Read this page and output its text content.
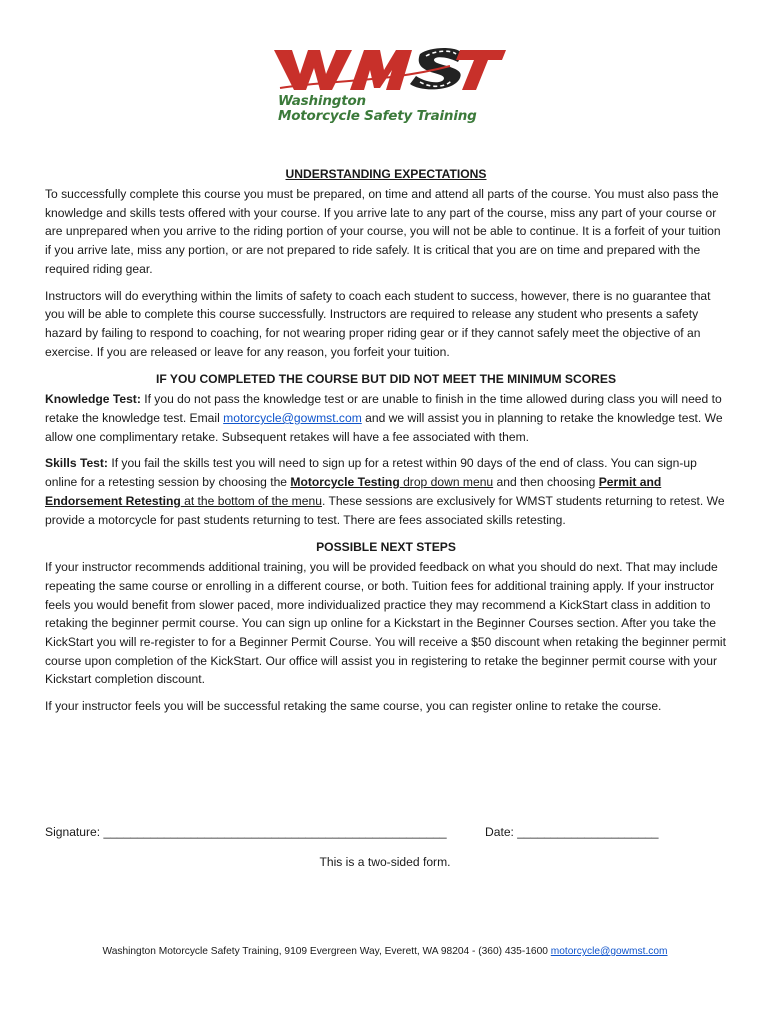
Washington
Motorcycle Safety Training
UNDERSTANDING EXPECTATIONS

To successfully complete this course you must be prepared, on time and attend all parts of the course. You must also pass the knowledge and skills tests offered with your course. If you arrive late to any part of the course, miss any part of your course or are unprepared when you arrive to the riding portion of your course, you will not be able to continue. It is a forfeit of your tuition if you arrive late, miss any portion, or are not prepared to ride safely. It is critical that you are on time and prepared with the required riding gear.

Instructors will do everything within the limits of safety to coach each student to success, however, there is no guarantee that you will be able to complete this course successfully. Instructors are required to release any student who presents a safety hazard by failing to respond to coaching, for not wearing proper riding gear or if they cannot safely meet the objective of an exercise. If you are released or leave for any reason, you forfeit your tuition.

IF YOU COMPLETED THE COURSE BUT DID NOT MEET THE MINIMUM SCORES

Knowledge Test: If you do not pass the knowledge test or are unable to finish in the time allowed during class you will need to retake the knowledge test. Email motorcycle@gowmst.com and we will assist you in planning to retake the knowledge test. We allow one complimentary retake. Subsequent retakes will have a fee associated with them.

Skills Test: If you fail the skills test you will need to sign up for a retest within 90 days of the end of class. You can sign-up online for a retesting session by choosing the Motorcycle Testing drop down menu and then choosing Permit and Endorsement Retesting at the bottom of the menu. These sessions are exclusively for WMST students returning to retest. We provide a motorcycle for past students returning to test. There are fees associated skills retesting.

POSSIBLE NEXT STEPS

If your instructor recommends additional training, you will be provided feedback on what you should do next. That may include repeating the same course or enrolling in a different course, or both. Tuition fees for additional training apply. If your instructor feels you would benefit from slower paced, more individualized practice they may recommend a KickStart class in addition to retaking the beginner permit course. You can sign up online for a Kickstart in the Beginner Courses section. After you take the KickStart you will re-register to for a Beginner Permit Course. You will receive a $50 discount when retaking the beginner permit course upon completion of the KickStart. Our office will assist you in registering to retake the beginner permit course with your Kickstart completion discount.

If your instructor feels you will be successful retaking the same course, you can register online to retake the course.

Signature: ___________________________________________________	Date: _____________________
This is a two-sided form.
Washington Motorcycle Safety Training, 9109 Evergreen Way, Everett, WA 98204 - (360) 435-1600 motorcycle@gowmst.com
